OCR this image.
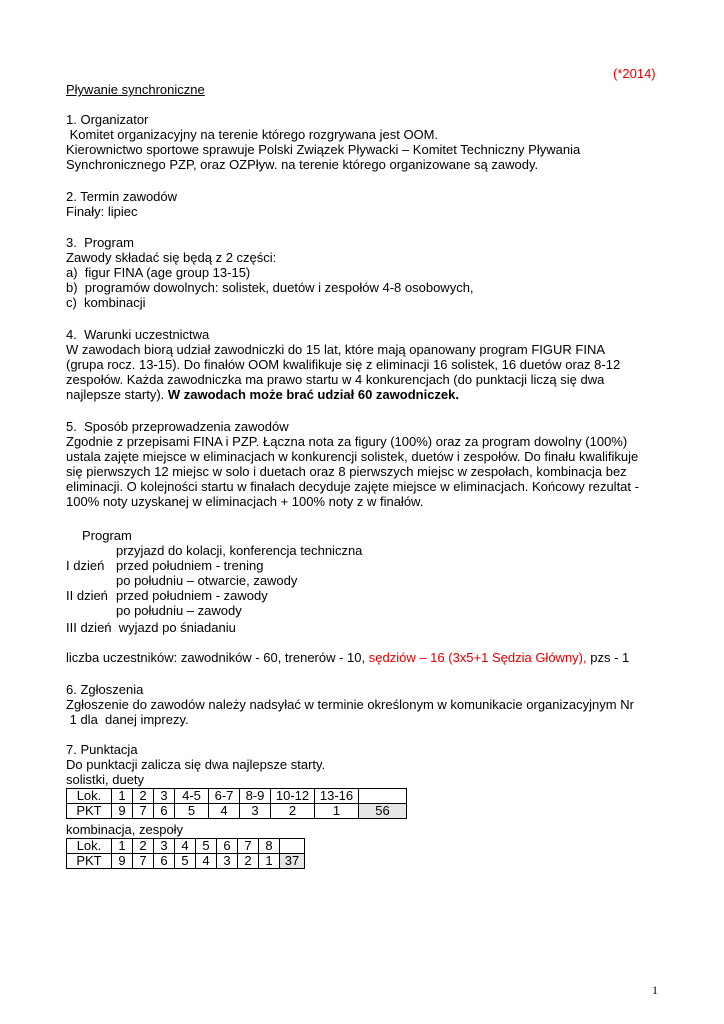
(*2014)
Pływanie synchroniczne
1. Organizator
Komitet organizacyjny na terenie którego rozgrywana jest OOM.
Kierownictwo sportowe sprawuje Polski Związek Pływacki – Komitet Techniczny Pływania
Synchronicznego PZP, oraz OZPływ. na terenie którego organizowane są zawody.
2. Termin zawodów
Finały: lipiec
3.  Program
Zawody składać się będą z 2 części:
a)  figur FINA (age group 13-15)
b)  programów dowolnych: solistek, duetów i zespołów 4-8 osobowych,
c)  kombinacji
4.  Warunki uczestnictwa
W zawodach biorą udział zawodniczki do 15 lat, które mają opanowany program FIGUR FINA
(grupa rocz. 13-15). Do finałów OOM kwalifikuje się z eliminacji 16 solistek, 16 duetów oraz 8-12
zespołów. Każda zawodniczka ma prawo startu w 4 konkurencjach (do punktacji liczą się dwa
najlepsze starty). W zawodach może brać udział 60 zawodniczek.
5.  Sposób przeprowadzenia zawodów
Zgodnie z przepisami FINA i PZP. Łączna nota za figury (100%) oraz za program dowolny (100%)
ustala zajęte miejsce w eliminacjach w konkurencji solistek, duetów i zespołów. Do finału kwalifikuje
się pierwszych 12 miejsc w solo i duetach oraz 8 pierwszych miejsc w zespołach, kombinacja bez
eliminacji. O kolejności startu w finałach decyduje zajęte miejsce w eliminacjach. Końcowy rezultat -
100% noty uzyskanej w eliminacjach + 100% noty z w finałów.
Program
przyjazd do kolacji, konferencja techniczna
I dzień przed południem - trening
po południu – otwarcie, zawody
II dzień przed południem - zawody
po południu – zawody
III dzień  wyjazd po śniadaniu
liczba uczestników: zawodników - 60, trenerów - 10, sędziów – 16 (3x5+1 Sędzia Główny), pzs - 1
6. Zgłoszenia
Zgłoszenie do zawodów należy nadsyłać w terminie określonym w komunikacie organizacyjnym Nr
1 dla  danej imprezy.
7. Punktacja
Do punktacji zalicza się dwa najlepsze starty.
solistki, duety
Lok.	1	2	3	4-5	6-7	8-9	10-12	13-16	
PKT	9	7	6	5	4	3	2	1	56
kombinacja, zespoły
Lok.	1	2	3	4	5	6	7	8	
PKT	9	7	6	5	4	3	2	1	37
1
